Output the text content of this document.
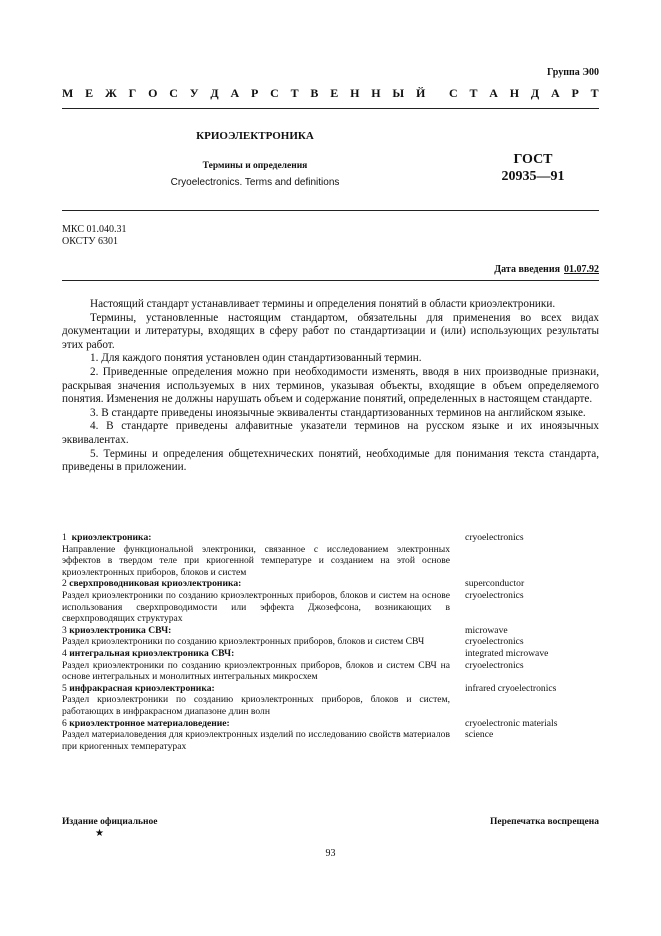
Группа Э00
М Е Ж Г О С У Д А Р С Т В Е Н Н Ы Й С Т А Н Д А Р Т
КРИОЭЛЕКТРОНИКА
Термины и определения
Cryoelectronics. Terms and definitions
ГОСТ
20935—91
МКС 01.040.31
ОКСТУ 6301
Дата введения 01.07.92

Настоящий стандарт устанавливает термины и определения понятий в области криоэлектроники.

Термины, установленные настоящим стандартом, обязательны для применения во всех видах документации и литературы, входящих в сферу работ по стандартизации и (или) использующих результаты этих работ.

1. Для каждого понятия установлен один стандартизованный термин.

2. Приведенные определения можно при необходимости изменять, вводя в них производные признаки, раскрывая значения используемых в них терминов, указывая объекты, входящие в объем определяемого понятия. Изменения не должны нарушать объем и содержание понятий, определенных в настоящем стандарте.

3. В стандарте приведены иноязычные эквиваленты стандартизованных терминов на английском языке.

4. В стандарте приведены алфавитные указатели терминов на русском языке и их иноязычных эквивалентах.

5. Термины и определения общетехнических понятий, необходимые для понимания текста стандарта, приведены в приложении.

1 криоэлектроника:
Направление функциональной электроники, связанное с исследованием электронных эффектов в твердом теле при криогенной температуре и созданием на этой основе криоэлектронных приборов, блоков и систем
cryoelectronics
2 сверхпроводниковая криоэлектроника:
Раздел криоэлектроники по созданию криоэлектронных приборов, блоков и систем на основе использования сверхпроводимости или эффекта Джозефсона, возникающих в сверхпроводящих структурах
superconductor
cryoelectronics
3 криоэлектроника СВЧ:
Раздел криоэлектроники по созданию криоэлектронных приборов, блоков и систем СВЧ
microwave
cryoelectronics
4 интегральная криоэлектроника СВЧ:
Раздел криоэлектроники по созданию криоэлектронных приборов, блоков и систем СВЧ на основе интегральных и монолитных интегральных микросхем
integrated microwave
cryoelectronics
5 инфракрасная криоэлектроника:
Раздел криоэлектроники по созданию криоэлектронных приборов, блоков и систем, работающих в инфракрасном диапазоне длин волн
infrared cryoelectronics
6 криоэлектронное материаловедение:
Раздел материаловедения для криоэлектронных изделий по исследованию свойств материалов при криогенных температурах
cryoelectronic materials
science
Издание официальное
★
Перепечатка воспрещена
93
